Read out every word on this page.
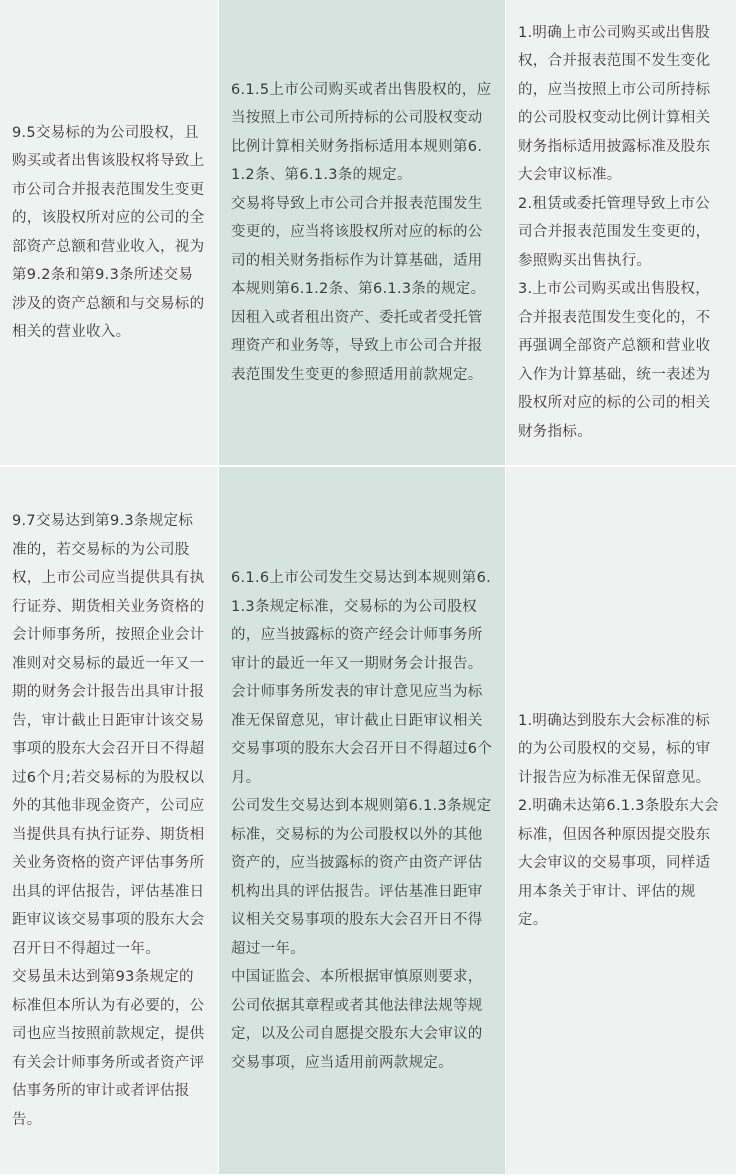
9.5交易标的为公司股权，且购买或者出售该股权将导致上市公司合并报表范围发生变更的，该股权所对应的公司的全部资产总额和营业收入，视为第9.2条和第9.3条所述交易涉及的资产总额和与交易标的相关的营业收入。

6.1.5上市公司购买或者出售股权的，应当按照上市公司所持标的公司股权变动比例计算相关财务指标适用本规则第6.1.2条、第6.1.3条的规定。

交易将导致上市公司合并报表范围发生变更的，应当将该股权所对应的标的公司的相关财务指标作为计算基础，适用本规则第6.1.2条、第6.1.3条的规定。

因租入或者租出资产、委托或者受托管理资产和业务等，导致上市公司合并报表范围发生变更的参照适用前款规定。

1.明确上市公司购买或出售股权，合并报表范围不发生变化的，应当按照上市公司所持标的公司股权变动比例计算相关财务指标适用披露标准及股东大会审议标准。

2.租赁或委托管理导致上市公司合并报表范围发生变更的，参照购买出售执行。

3.上市公司购买或出售股权，合并报表范围发生变化的，不再强调全部资产总额和营业收入作为计算基础，统一表述为股权所对应的标的公司的相关财务指标。

9.7交易达到第9.3条规定标准的，若交易标的为公司股权，上市公司应当提供具有执行证券、期货相关业务资格的会计师事务所，按照企业会计准则对交易标的最近一年又一期的财务会计报告出具审计报告，审计截止日距审计该交易事项的股东大会召开日不得超过6个月;若交易标的为股权以外的其他非现金资产，公司应当提供具有执行证券、期货相关业务资格的资产评估事务所出具的评估报告，评估基准日距审议该交易事项的股东大会召开日不得超过一年。

交易虽未达到第93条规定的标准但本所认为有必要的，公司也应当按照前款规定，提供有关会计师事务所或者资产评估事务所的审计或者评估报告。

6.1.6上市公司发生交易达到本规则第6.1.3条规定标准，交易标的为公司股权的，应当披露标的资产经会计师事务所审计的最近一年又一期财务会计报告。会计师事务所发表的审计意见应当为标准无保留意见，审计截止日距审议相关交易事项的股东大会召开日不得超过6个月。

公司发生交易达到本规则第6.1.3条规定标准，交易标的为公司股权以外的其他资产的，应当披露标的资产由资产评估机构出具的评估报告。评估基准日距审议相关交易事项的股东大会召开日不得超过一年。

中国证监会、本所根据审慎原则要求，公司依据其章程或者其他法律法规等规定，以及公司自愿提交股东大会审议的交易事项，应当适用前两款规定。

1.明确达到股东大会标准的标的为公司股权的交易，标的审计报告应为标准无保留意见。

2.明确未达第6.1.3条股东大会标准，但因各种原因提交股东大会审议的交易事项，同样适用本条关于审计、评估的规定。
